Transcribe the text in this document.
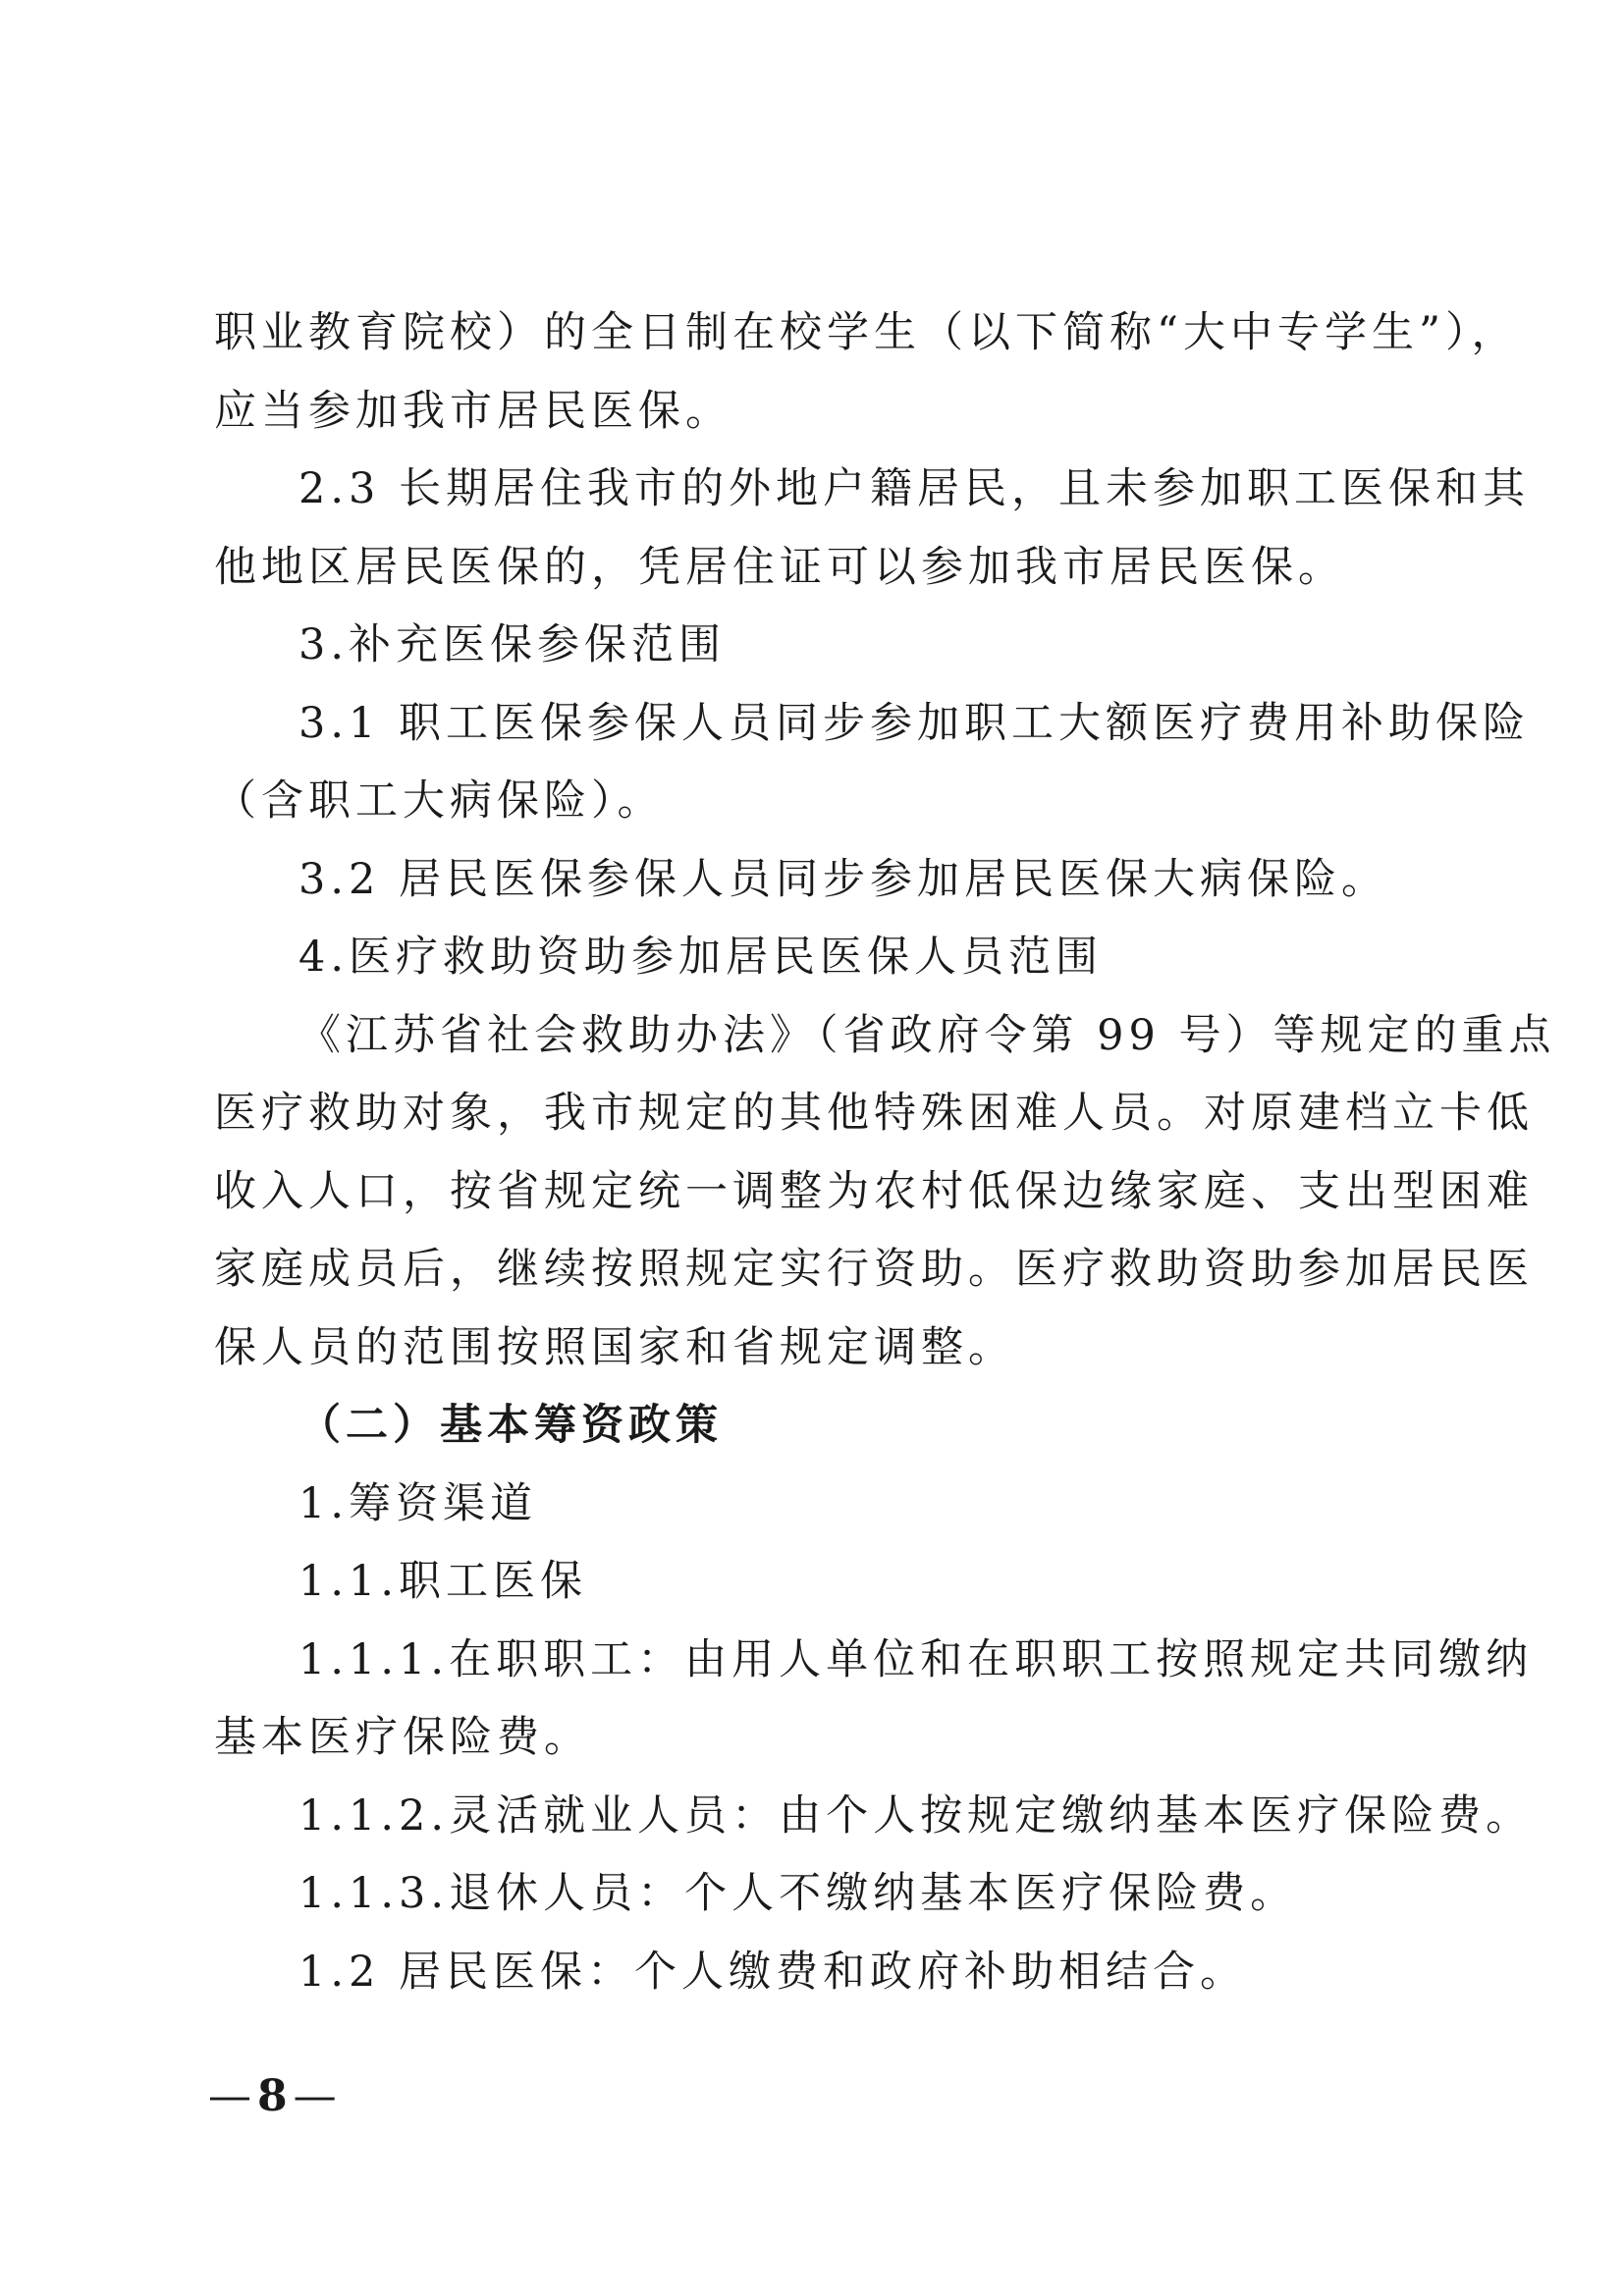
职业教育院校）的全日制在校学生（以下简称“大中专学生”），
应当参加我市居民医保。
2.3 长期居住我市的外地户籍居民，且未参加职工医保和其
他地区居民医保的，凭居住证可以参加我市居民医保。
3.补充医保参保范围
3.1 职工医保参保人员同步参加职工大额医疗费用补助保险
（含职工大病保险）。
3.2 居民医保参保人员同步参加居民医保大病保险。
4.医疗救助资助参加居民医保人员范围
《江苏省社会救助办法》（省政府令第 99 号）等规定的重点
医疗救助对象，我市规定的其他特殊困难人员。对原建档立卡低
收入人口，按省规定统一调整为农村低保边缘家庭、支出型困难
家庭成员后，继续按照规定实行资助。医疗救助资助参加居民医
保人员的范围按照国家和省规定调整。
（二）基本筹资政策
1.筹资渠道
1.1.职工医保
1.1.1.在职职工：由用人单位和在职职工按照规定共同缴纳
基本医疗保险费。
1.1.2.灵活就业人员：由个人按规定缴纳基本医疗保险费。
1.1.3.退休人员：个人不缴纳基本医疗保险费。
1.2 居民医保：个人缴费和政府补助相结合。
— 8 —
